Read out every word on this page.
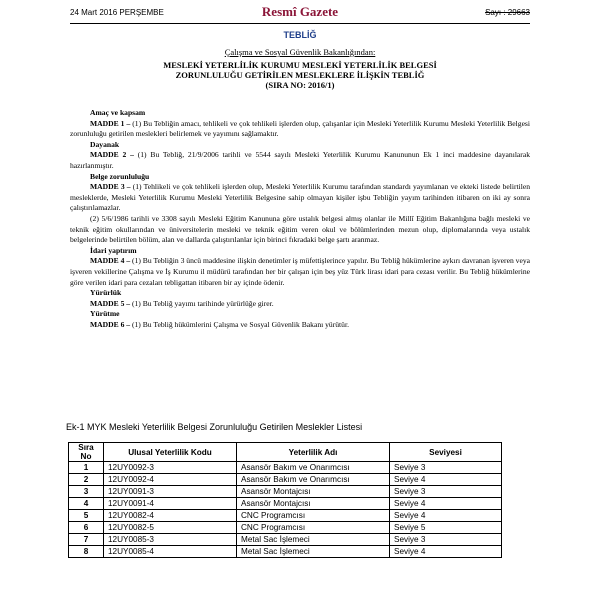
24 Mart 2016 PERŞEMBE	Resmî Gazete	Sayı : 29663
TEBLİĞ
Çalışma ve Sosyal Güvenlik Bakanlığından:
MESLEKİ YETERLİLİK KURUMU MESLEKİ YETERLİLİK BELGESİ
ZORUNLULUĞU GETİRİLEN MESLEKLERE İLİŞKİN TEBLİĞ
(SIRA NO: 2016/1)

Amaç ve kapsam

MADDE 1 – (1) Bu Tebliğin amacı, tehlikeli ve çok tehlikeli işlerden olup, çalışanlar için Mesleki Yeterlilik Kurumu Mesleki Yeterlilik Belgesi zorunluluğu getirilen meslekleri belirlemek ve yayımını sağlamaktır.

Dayanak

MADDE 2 – (1) Bu Tebliğ, 21/9/2006 tarihli ve 5544 sayılı Mesleki Yeterlilik Kurumu Kanununun Ek 1 inci maddesine dayanılarak hazırlanmıştır.

Belge zorunluluğu

MADDE 3 – (1) Tehlikeli ve çok tehlikeli işlerden olup, Mesleki Yeterlilik Kurumu tarafından standardı yayımlanan ve ekteki listede belirtilen mesleklerde, Mesleki Yeterlilik Kurumu Mesleki Yeterlilik Belgesine sahip olmayan kişiler işbu Tebliğin yayım tarihinden itibaren on iki ay sonra çalıştırılamazlar.

(2) 5/6/1986 tarihli ve 3308 sayılı Mesleki Eğitim Kanununa göre ustalık belgesi almış olanlar ile Millî Eğitim Bakanlığına bağlı mesleki ve teknik eğitim okullarından ve üniversitelerin mesleki ve teknik eğitim veren okul ve bölümlerinden mezun olup, diplomalarında veya ustalık belgelerinde belirtilen bölüm, alan ve dallarda çalıştırılanlar için birinci fıkradaki belge şartı aranmaz.

İdari yaptırım

MADDE 4 – (1) Bu Tebliğin 3 üncü maddesine ilişkin denetimler iş müfettişlerince yapılır. Bu Tebliğ hükümlerine aykırı davranan işveren veya işveren vekillerine Çalışma ve İş Kurumu il müdürü tarafından her bir çalışan için beş yüz Türk lirası idari para cezası verilir. Bu Tebliğ hükümlerine göre verilen idari para cezaları tebligattan itibaren bir ay içinde ödenir.

Yürürlük

MADDE 5 – (1) Bu Tebliğ yayımı tarihinde yürürlüğe girer.

Yürütme

MADDE 6 – (1) Bu Tebliğ hükümlerini Çalışma ve Sosyal Güvenlik Bakanı yürütür.

Ek-1 MYK Mesleki Yeterlilik Belgesi Zorunluluğu Getirilen Meslekler Listesi
Sıra No	Ulusal Yeterlilik Kodu	Yeterlilik Adı	Seviyesi
1	12UY0092-3	Asansör Bakım ve Onarımcısı	Seviye 3
2	12UY0092-4	Asansör Bakım ve Onarımcısı	Seviye 4
3	12UY0091-3	Asansör Montajcısı	Seviye 3
4	12UY0091-4	Asansör Montajcısı	Seviye 4
5	12UY0082-4	CNC Programcısı	Seviye 4
6	12UY0082-5	CNC Programcısı	Seviye 5
7	12UY0085-3	Metal Sac İşlemeci	Seviye 3
8	12UY0085-4	Metal Sac İşlemeci	Seviye 4
